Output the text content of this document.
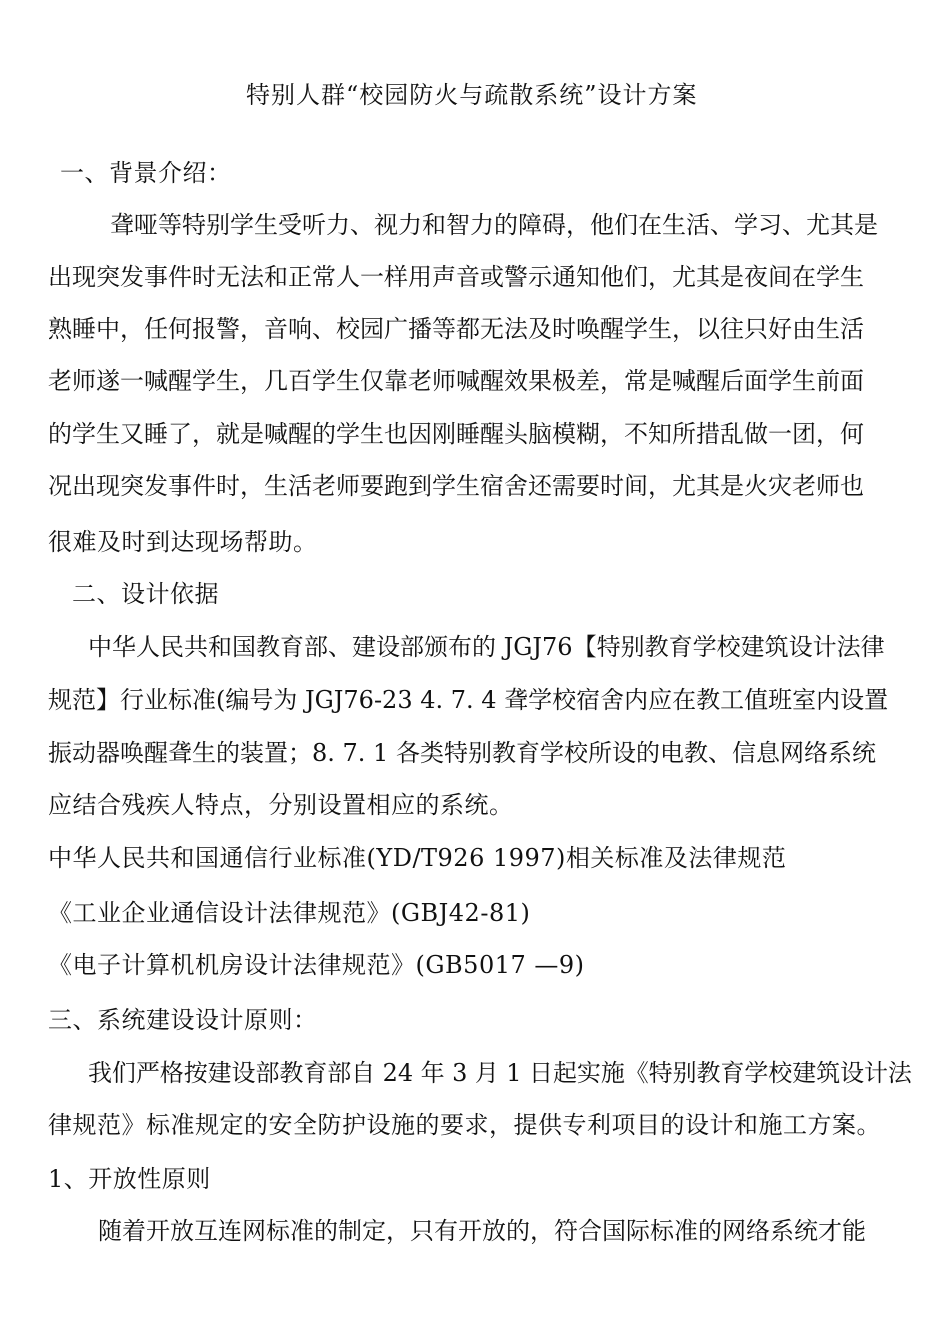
特别人群“校园防火与疏散系统”设计方案
一、背景介绍：
聋哑等特别学生受听力、视力和智力的障碍，他们在生活、学习、尤其是
出现突发事件时无法和正常人一样用声音或警示通知他们，尤其是夜间在学生
熟睡中，任何报警，音响、校园广播等都无法及时唤醒学生，以往只好由生活
老师遂一喊醒学生，几百学生仅靠老师喊醒效果极差，常是喊醒后面学生前面
的学生又睡了，就是喊醒的学生也因刚睡醒头脑模糊，不知所措乱做一团，何
况出现突发事件时，生活老师要跑到学生宿舍还需要时间，尤其是火灾老师也
很难及时到达现场帮助。
二、设计依据
中华人民共和国教育部、建设部颁布的 JGJ76【特别教育学校建筑设计法律
规范】行业标准(编号为 JGJ76-23 4. 7. 4 聋学校宿舍内应在教工值班室内设置
振动器唤醒聋生的装置；8. 7. 1 各类特别教育学校所设的电教、信息网络系统
应结合残疾人特点，分别设置相应的系统。
中华人民共和国通信行业标准(YD/T926 1997)相关标准及法律规范
《工业企业通信设计法律规范》(GBJ42-81)
《电子计算机机房设计法律规范》(GB5017 —9)
三、系统建设设计原则：
我们严格按建设部教育部自 24 年 3 月 1 日起实施《特别教育学校建筑设计法
律规范》标准规定的安全防护设施的要求，提供专利项目的设计和施工方案。
1、开放性原则
随着开放互连网标准的制定，只有开放的，符合国际标准的网络系统才能
